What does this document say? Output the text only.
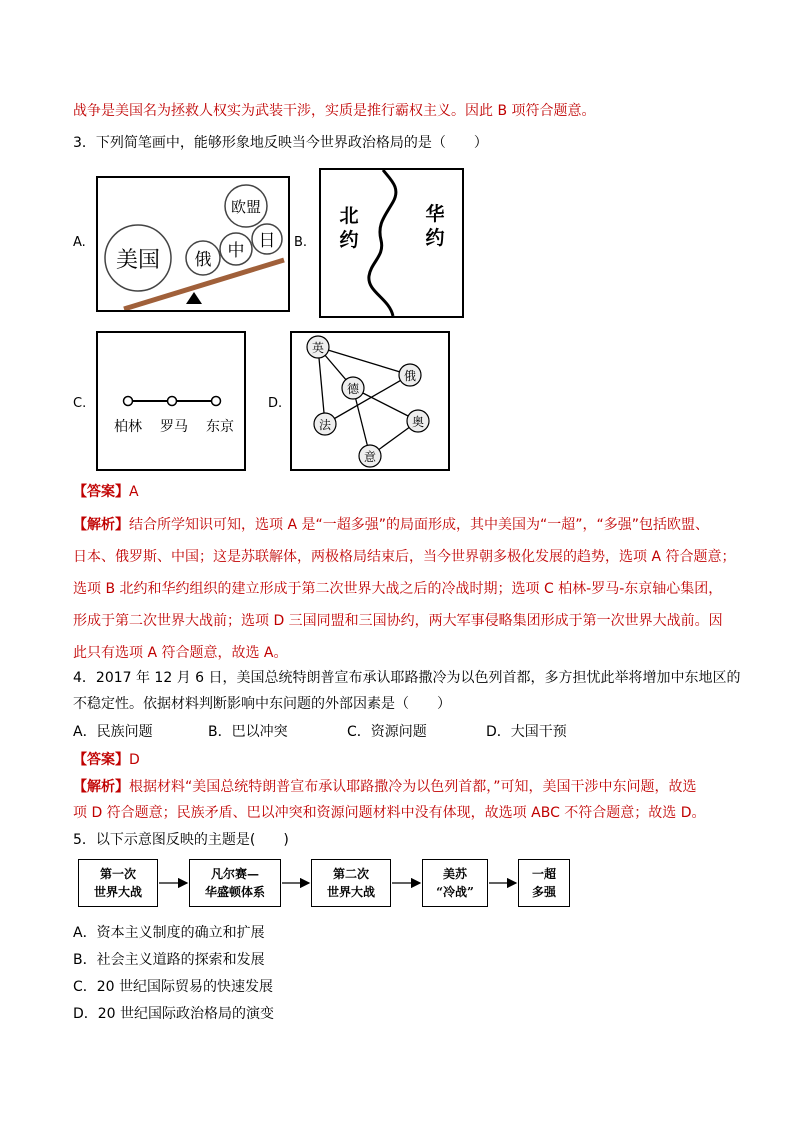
战争是美国名为拯救人权实为武装干涉，实质是推行霸权主义。因此 B 项符合题意。
3．下列简笔画中，能够形象地反映当今世界政治格局的是（　　）
A.
美国
欧盟
俄 中 日 B.
北
约
华
约
C.
柏林 罗马 东京
D.
英
俄
德
奥
法
意
【答案】A
【解析】结合所学知识可知，选项 A 是“一超多强”的局面形成，其中美国为“一超”，“多强”包括欧盟、
日本、俄罗斯、中国；这是苏联解体，两极格局结束后，当今世界朝多极化发展的趋势，选项 A 符合题意；
选项 B 北约和华约组织的建立形成于第二次世界大战之后的冷战时期；选项 C 柏林-罗马-东京轴心集团，
形成于第二次世界大战前；选项 D 三国同盟和三国协约，两大军事侵略集团形成于第一次世界大战前。因
此只有选项 A 符合题意，故选 A。
4．2017 年 12 月 6 日，美国总统特朗普宣布承认耶路撒冷为以色列首都，多方担忧此举将增加中东地区的
不稳定性。依据材料判断影响中东问题的外部因素是（　　）
A．民族问题	B．巴以冲突	C．资源问题	D．大国干预
【答案】D
【解析】根据材料“美国总统特朗普宣布承认耶路撒冷为以色列首都，”可知，美国干涉中东问题，故选
项 D 符合题意；民族矛盾、巴以冲突和资源问题材料中没有体现，故选项 ABC 不符合题意；故选 D。
5．以下示意图反映的主题是(　　)
第一次
世界大战
凡尔赛—
华盛顿体系
第二次
世界大战
美苏
“冷战”
一超
多强
A．资本主义制度的确立和扩展
B．社会主义道路的探索和发展
C．20 世纪国际贸易的快速发展
D．20 世纪国际政治格局的演变
